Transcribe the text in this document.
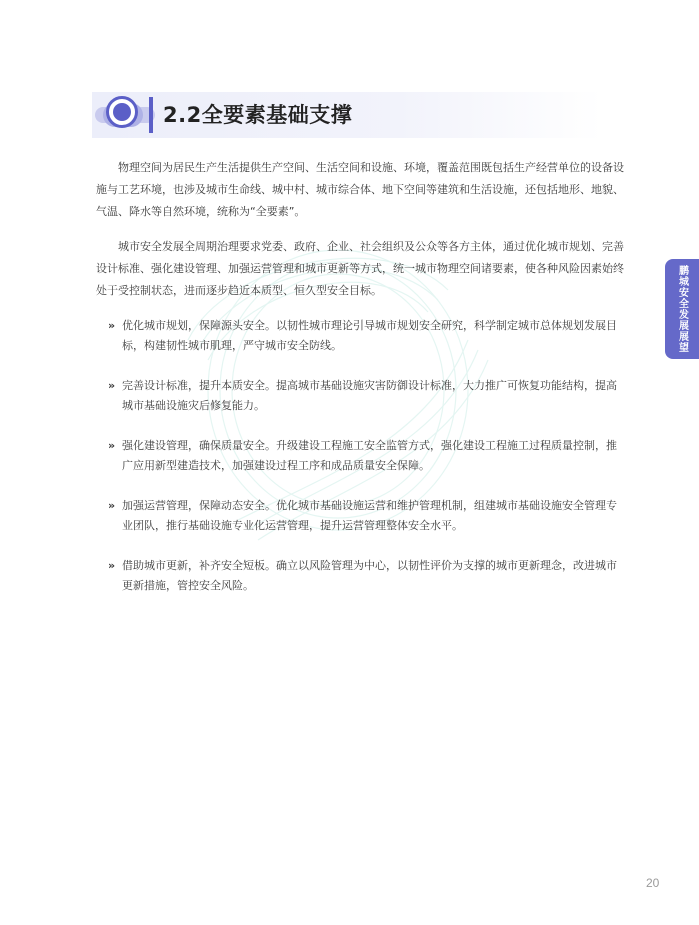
2.2全要素基础支撑

物理空间为居民生产生活提供生产空间、生活空间和设施、环境，覆盖范围既包括生产经营单位的设备设施与工艺环境，也涉及城市生命线、城中村、城市综合体、地下空间等建筑和生活设施，还包括地形、地貌、气温、降水等自然环境，统称为“全要素”。

城市安全发展全周期治理要求党委、政府、企业、社会组织及公众等各方主体，通过优化城市规划、完善设计标准、强化建设管理、加强运营管理和城市更新等方式，统一城市物理空间诸要素，使各种风险因素始终处于受控制状态，进而逐步趋近本质型、恒久型安全目标。

» 优化城市规划，保障源头安全。以韧性城市理论引导城市规划安全研究，科学制定城市总体规划发展目标，构建韧性城市肌理，严守城市安全防线。
» 完善设计标准，提升本质安全。提高城市基础设施灾害防御设计标准，大力推广可恢复功能结构，提高城市基础设施灾后修复能力。
» 强化建设管理，确保质量安全。升级建设工程施工安全监管方式，强化建设工程施工过程质量控制，推广应用新型建造技术，加强建设过程工序和成品质量安全保障。
» 加强运营管理，保障动态安全。优化城市基础设施运营和维护管理机制，组建城市基础设施安全管理专业团队，推行基础设施专业化运营管理，提升运营管理整体安全水平。
» 借助城市更新，补齐安全短板。确立以风险管理为中心，以韧性评价为支撑的城市更新理念，改进城市更新措施，管控安全风险。
鹏城安全发展展望
20
